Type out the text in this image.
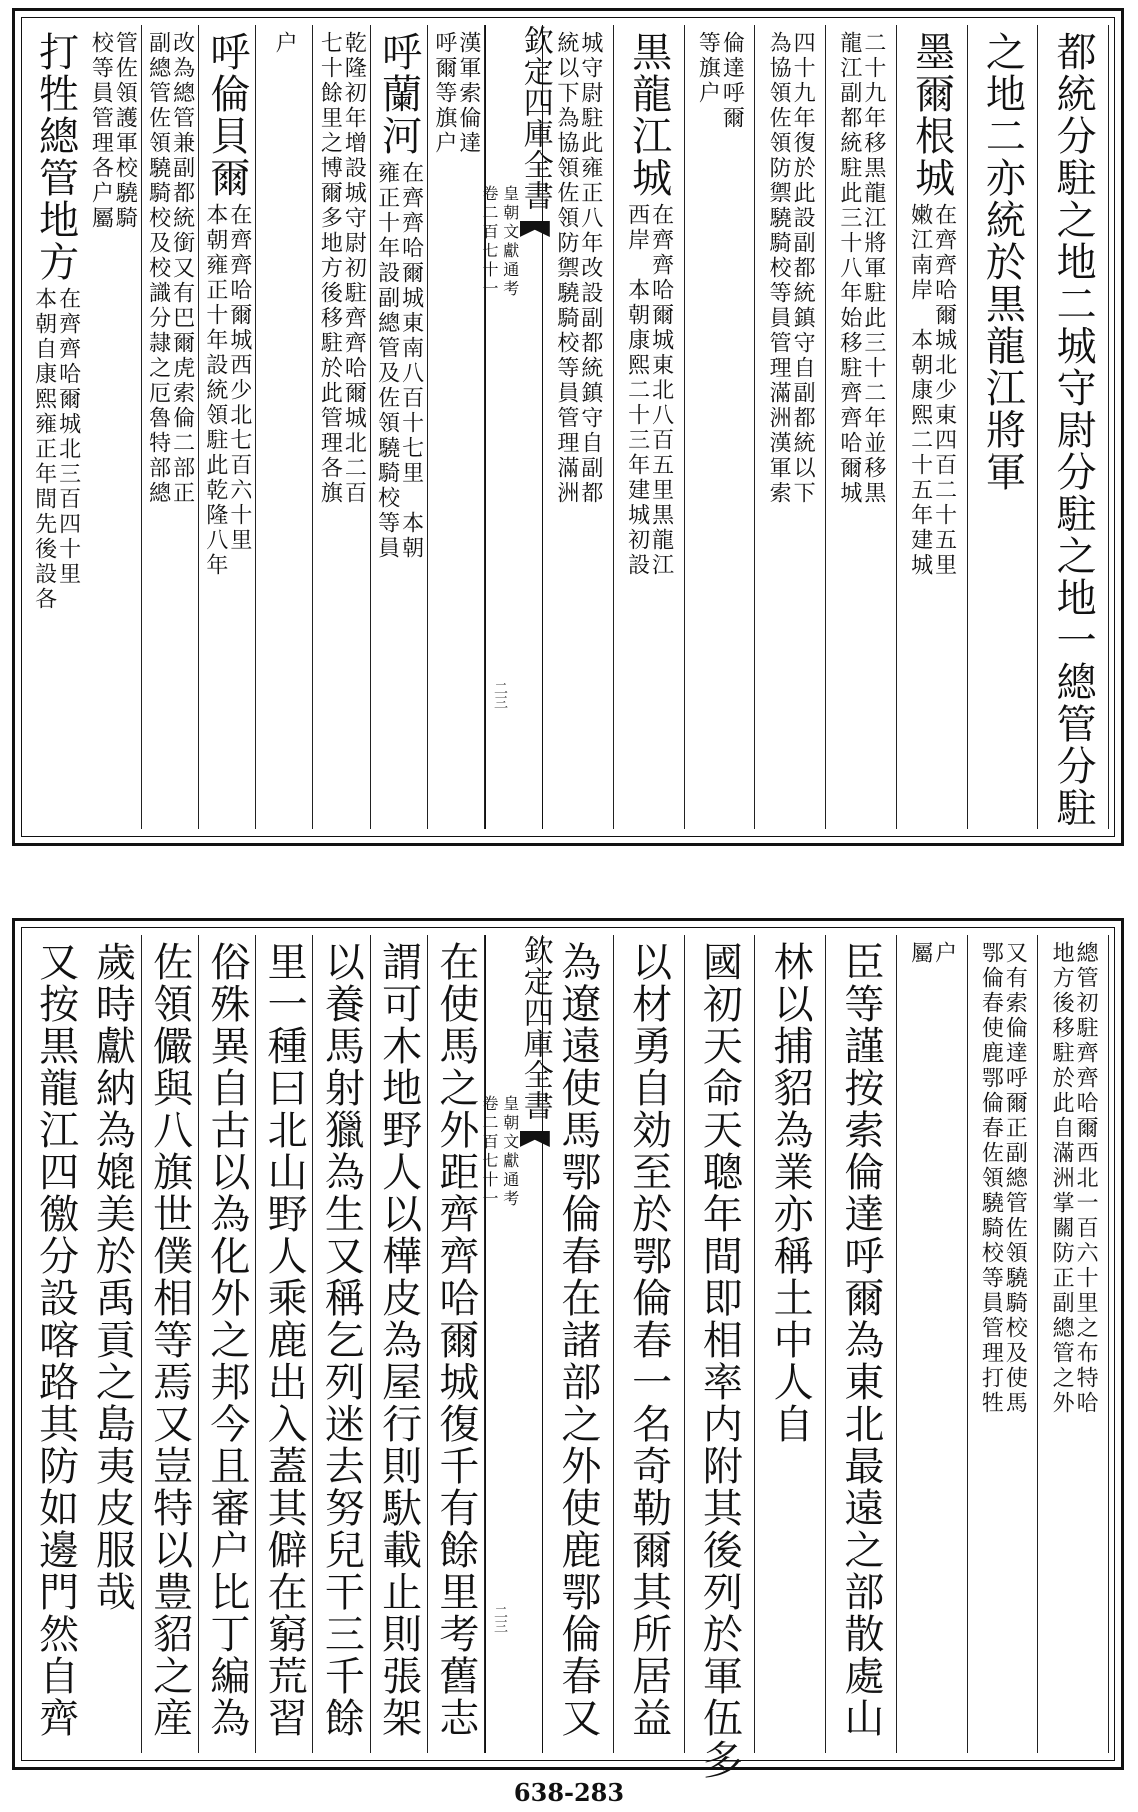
欽定四庫全書
皇朝文獻通考
卷二百七十一
二三	都統分駐之地二城守尉分駐之地一總管分駐
之地二亦統於黒龍江將軍
墨爾根城
在齊齊哈爾城北少東四百二十五里
嫩江南岸　本朝康熙二十五年建城
二十九年移黒龍江將軍駐此三十二年並移黒
龍江副都統駐此三十八年始移駐齊齊哈爾城
四十九年復於此設副都統鎮守自副都統以下
為協領佐領防禦驍騎校等員管理滿洲漢軍索
倫達呼爾
等旗户
黒龍江城
在齊齊哈爾城東北八百五里黒龍江
西岸　本朝康熙二十三年建城初設
城守尉駐此雍正八年改設副都統鎮守自副都
統以下為協領佐領防禦驍騎校等員管理滿洲
漢軍索倫達
呼爾等旗户
呼蘭河
在齊齊哈爾城東南八百十七里　本朝
雍正十年設副總管及佐領驍騎校等員
乾隆初年增設城守尉初駐齊齊哈爾城北二百
七十餘里之博爾多地方後移駐於此管理各旗
户
呼倫貝爾
在齊齊哈爾城西少北七百六十里
本朝雍正十年設統領駐此乾隆八年
改為總管兼副都統銜又有巴爾虎索倫二部正
副總管佐領驍騎校及校識分隷之厄魯特部總
管佐領護軍校驍騎
校等員管理各户屬
打牲總管地方
在齊齊哈爾城北三百四十里
本朝自康熙雍正年間先後設各
欽定四庫全書
皇朝文獻通考
卷二百七十一
二三
總管初駐齊齊哈爾西北一百六十里之布特哈
地方後移駐於此自滿洲掌關防正副總管之外
又有索倫達呼爾正副總管佐領驍騎校及使馬
鄂倫春使鹿鄂倫春佐領驍騎校等員管理打牲
户
屬
臣等謹按索倫達呼爾為東北最遠之部散處山
林以捕貂為業亦稱土中人自
國初天命天聰年間即相率内附其後列於軍伍多
以材勇自効至於鄂倫春一名奇勒爾其所居益
為遼遠使馬鄂倫春在諸部之外使鹿鄂倫春又
在使馬之外距齊齊哈爾城復千有餘里考舊志
謂可木地野人以樺皮為屋行則馱載止則張架
以養馬射獵為生又稱乞列迷去努兒干三千餘
里一種曰北山野人乘鹿出入蓋其僻在窮荒習
俗殊異自古以為化外之邦今且審户比丁編為
佐領儼與八旗世僕相等焉又豈特以豊貂之産
歲時獻納為媲美於禹貢之島夷皮服哉
又按黒龍江四徼分設喀路其防如邊門然自齊
638-283
